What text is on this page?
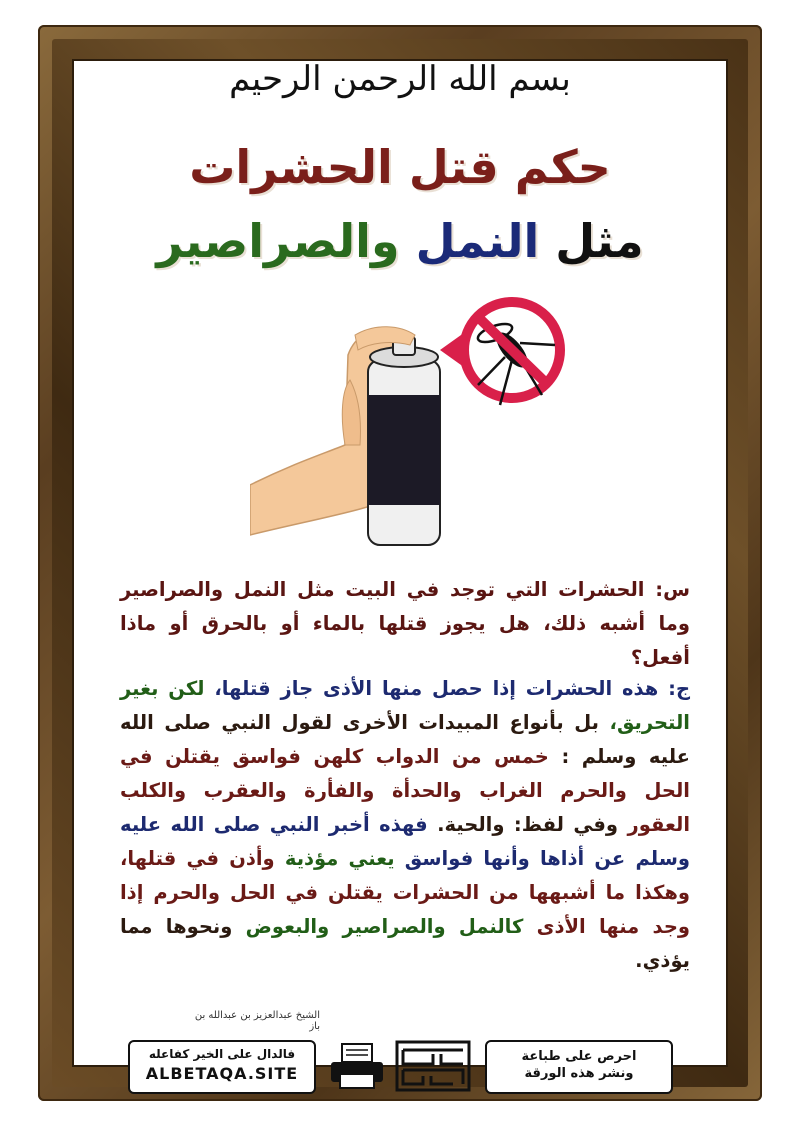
بسم الله الرحمن الرحيم
حكم قتل الحشرات
مثل النمل والصراصير
س: الحشرات التي توجد في البيت مثل النمل والصراصير وما أشبه ذلك، هل يجوز قتلها بالماء أو بالحرق أو ماذا أفعل؟
ج: هذه الحشرات إذا حصل منها الأذى جاز قتلها، لكن بغير التحريق، بل بأنواع المبيدات الأخرى لقول النبي صلى الله عليه وسلم : خمس من الدواب كلهن فواسق يقتلن في الحل والحرم الغراب والحدأة والفأرة والعقرب والكلب العقور وفي لفظ: والحية. فهذه أخبر النبي صلى الله عليه وسلم عن أذاها وأنها فواسق يعني مؤذية وأذن في قتلها، وهكذا ما أشبهها من الحشرات يقتلن في الحل والحرم إذا وجد منها الأذى كالنمل والصراصير والبعوض ونحوها مما يؤذي.
الشيخ عبدالعزيز بن عبدالله بن باز
فالدال على الخير كفاعله
ALBETAQA.SITE
احرص على طباعة
ونشر هذه الورقة
